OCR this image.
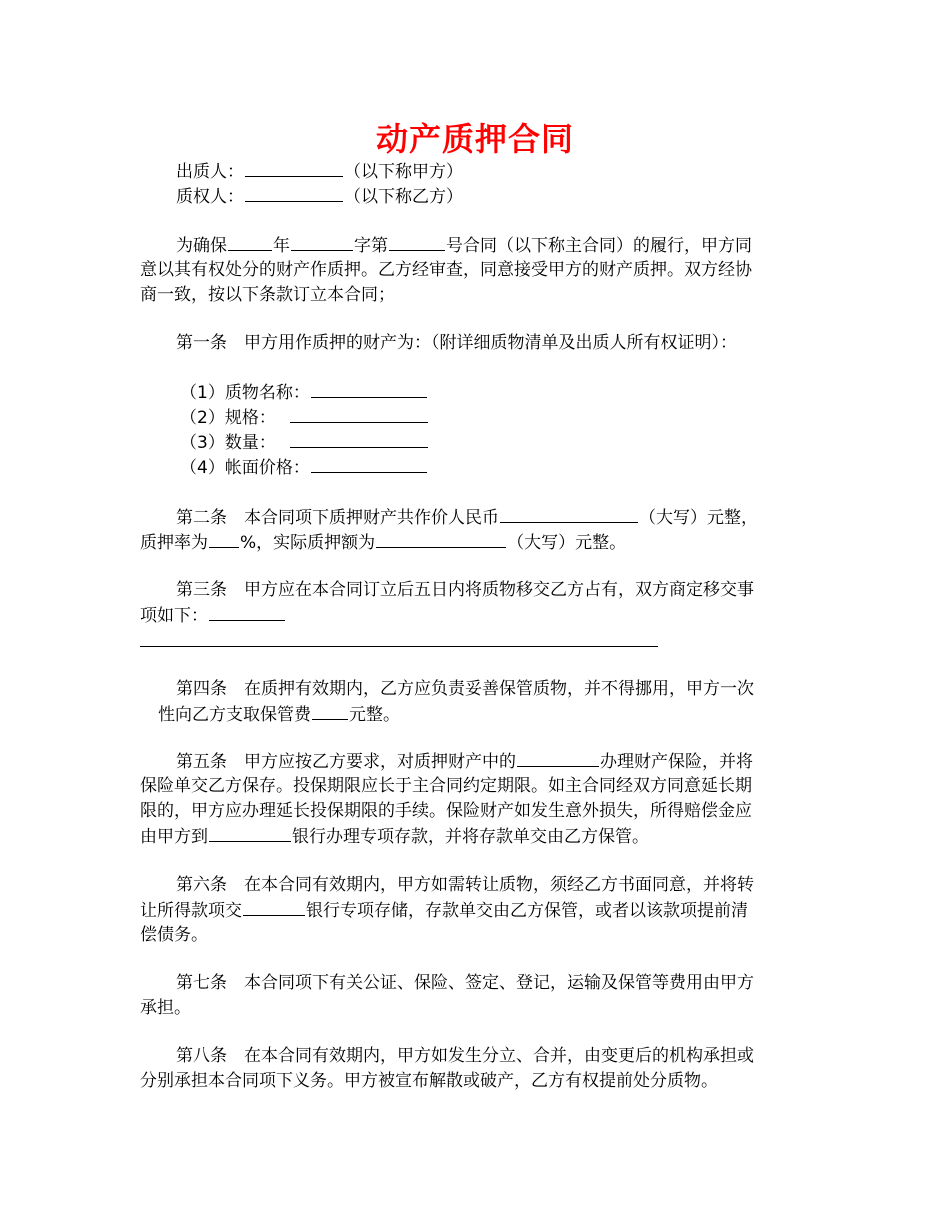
动产质押合同
出质人：	（以下称甲方）
质权人：	（以下称乙方）
为确保	年	字第	号合同（以下称主合同）的履行，甲方同
意以其有权处分的财产作质押。乙方经审查，同意接受甲方的财产质押。双方经协
商一致，按以下条款订立本合同；
第一条　甲方用作质押的财产为：（附详细质物清单及出质人所有权证明）：
（1）质物名称：
（2）规格：
（3）数量：
（4）帐面价格：
第二条　本合同项下质押财产共作价人民币	（大写）元整，
质押率为 %，实际质押额为	（大写）元整。
第三条　甲方应在本合同订立后五日内将质物移交乙方占有，双方商定移交事
项如下：
第四条　在质押有效期内，乙方应负责妥善保管质物，并不得挪用，甲方一次
性向乙方支取保管费 元整。
第五条　甲方应按乙方要求，对质押财产中的	办理财产保险，并将
保险单交乙方保存。投保期限应长于主合同约定期限。如主合同经双方同意延长期
限的，甲方应办理延长投保期限的手续。保险财产如发生意外损失，所得赔偿金应
由甲方到	银行办理专项存款，并将存款单交由乙方保管。
第六条　在本合同有效期内，甲方如需转让质物，须经乙方书面同意，并将转
让所得款项交	银行专项存储，存款单交由乙方保管，或者以该款项提前清
偿债务。
第七条　本合同项下有关公证、保险、签定、登记，运输及保管等费用由甲方
承担。
第八条　在本合同有效期内，甲方如发生分立、合并，由变更后的机构承担或
分别承担本合同项下义务。甲方被宣布解散或破产，乙方有权提前处分质物。
